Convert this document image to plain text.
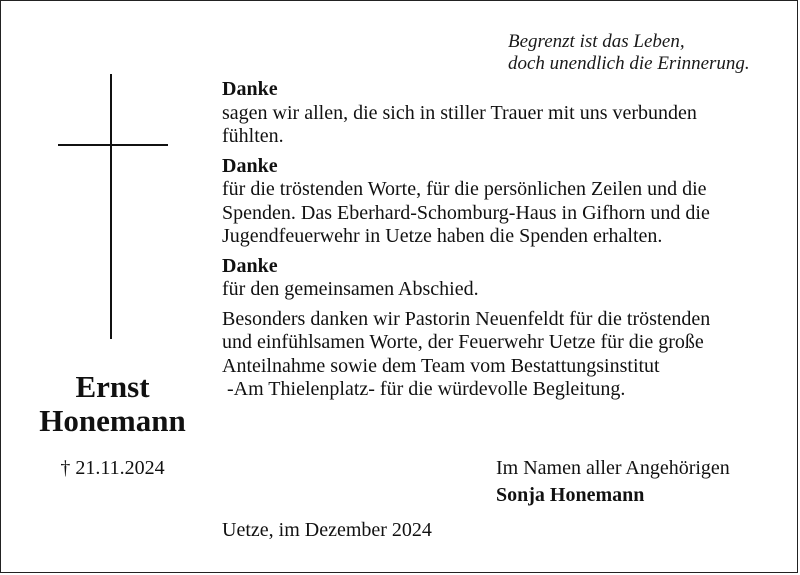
Begrenzt ist das Leben,
doch unendlich die Erinnerung.
Ernst
Honemann
† 21.11.2024

Danke

sagen wir allen, die sich in stiller Trauer mit uns verbunden
fühlten.

Danke

für die tröstenden Worte, für die persönlichen Zeilen und die
Spenden. Das Eberhard-Schomburg-Haus in Gifhorn und die
Jugendfeuerwehr in Uetze haben die Spenden erhalten.

Danke

für den gemeinsamen Abschied.

Besonders danken wir Pastorin Neuenfeldt für die tröstenden
und einfühlsamen Worte, der Feuerwehr Uetze für die große
Anteilnahme sowie dem Team vom Bestattungsinstitut
-Am Thielenplatz- für die würdevolle Begleitung.

Im Namen aller Angehörigen
Sonja Honemann
Uetze, im Dezember 2024
